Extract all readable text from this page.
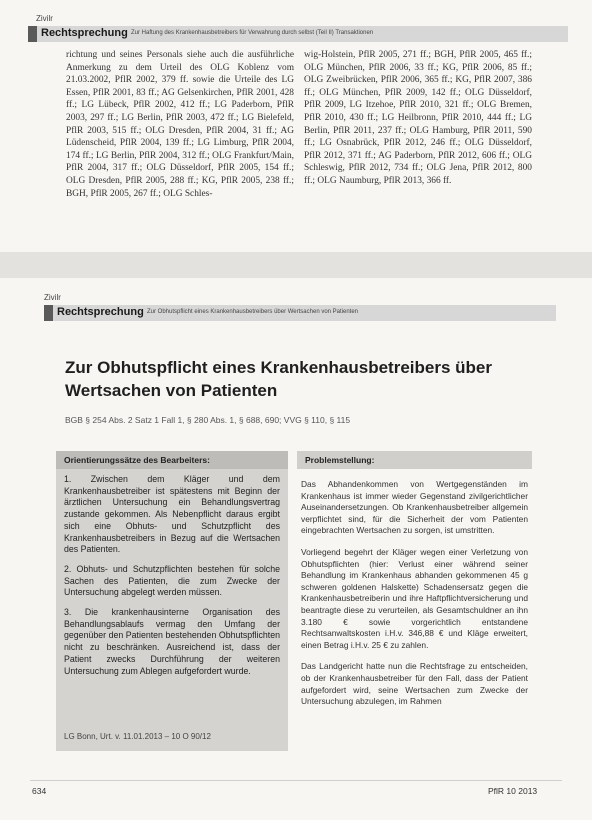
Zivilr
Rechtsprechung Zur Haftung des Krankenhausbetreibers für Verwahrung durch selbst (Teil II) Transaktionen

richtung und seines Personals siehe auch die ausführliche Anmerkung zu dem Urteil des OLG Koblenz vom 21.03.2002, PflR 2002, 379 ff. sowie die Urteile des LG Essen, PflR 2001, 83 ff.; AG Gelsenkirchen, PflR 2001, 428 ff.; LG Lübeck, PflR 2002, 412 ff.; LG Paderborn, PflR 2003, 297 ff.; LG Berlin, PflR 2003, 472 ff.; LG Bielefeld, PflR 2003, 515 ff.; OLG Dresden, PflR 2004, 31 ff.; AG Lüdenscheid, PflR 2004, 139 ff.; LG Limburg, PflR 2004, 174 ff.; LG Berlin, PflR 2004, 312 ff.; OLG Frankfurt/Main, PflR 2004, 317 ff.; OLG Düsseldorf, PflR 2005, 154 ff.; OLG Dresden, PflR 2005, 288 ff.; KG, PflR 2005, 238 ff.; BGH, PflR 2005, 267 ff.; OLG Schles-

wig-Holstein, PflR 2005, 271 ff.; BGH, PflR 2005, 465 ff.; OLG München, PflR 2006, 33 ff.; KG, PflR 2006, 85 ff.; OLG Zweibrücken, PflR 2006, 365 ff.; KG, PflR 2007, 386 ff.; OLG München, PflR 2009, 142 ff.; OLG Düsseldorf, PflR 2009, LG Itzehoe, PflR 2010, 321 ff.; OLG Bremen, PflR 2010, 430 ff.; LG Heilbronn, PflR 2010, 444 ff.; LG Berlin, PflR 2011, 237 ff.; OLG Hamburg, PflR 2011, 590 ff.; LG Osnabrück, PflR 2012, 246 ff.; OLG Düsseldorf, PflR 2012, 371 ff.; AG Paderborn, PflR 2012, 606 ff.; OLG Schleswig, PflR 2012, 734 ff.; OLG Jena, PflR 2012, 800 ff.; OLG Naumburg, PflR 2013, 366 ff.

Zivilr
Rechtsprechung Zur Obhutspflicht eines Krankenhausbetreibers über Wertsachen von Patienten
Zur Obhutspflicht eines Krankenhausbetreibers über Wertsachen von Patienten
BGB § 254 Abs. 2 Satz 1 Fall 1, § 280 Abs. 1, § 688, 690; VVG § 110, § 115
Orientierungssätze des Bearbeiters:

1. Zwischen dem Kläger und dem Krankenhausbetreiber ist spätestens mit Beginn der ärztlichen Untersuchung ein Behandlungsvertrag zustande gekommen. Als Nebenpflicht daraus ergibt sich eine Obhuts- und Schutzpflicht des Krankenhausbetreibers in Bezug auf die Wertsachen des Patienten.

2. Obhuts- und Schutzpflichten bestehen für solche Sachen des Patienten, die zum Zwecke der Untersuchung abgelegt werden müssen.

3. Die krankenhausinterne Organisation des Behandlungsablaufs vermag den Umfang der gegenüber den Patienten bestehenden Obhutspflichten nicht zu beschränken. Ausreichend ist, dass der Patient zwecks Durchführung der weiteren Untersuchung zum Ablegen aufgefordert wurde.

LG Bonn, Urt. v. 11.01.2013 – 10 O 90/12
Problemstellung:

Das Abhandenkommen von Wertgegenständen im Krankenhaus ist immer wieder Gegenstand zivilgerichtlicher Auseinandersetzungen. Ob Krankenhausbetreiber allgemein verpflichtet sind, für die Sicherheit der vom Patienten eingebrachten Wertsachen zu sorgen, ist umstritten.

Vorliegend begehrt der Kläger wegen einer Verletzung von Obhutspflichten (hier: Verlust einer während seiner Behandlung im Krankenhaus abhanden gekommenen 45 g schweren goldenen Halskette) Schadensersatz gegen die Krankenhausbetreiberin und ihre Haftpflichtversicherung und beantragte diese zu verurteilen, als Gesamtschuldner an ihn 3.180 € sowie vorgerichtlich entstandene Rechtsanwaltskosten i.H.v. 346,88 € und Kläge erweitert, einen Betrag i.H.v. 25 € zu zahlen.

Das Landgericht hatte nun die Rechtsfrage zu entscheiden, ob der Krankenhausbetreiber für den Fall, dass der Patient aufgefordert wird, seine Wertsachen zum Zwecke der Untersuchung abzulegen, im Rahmen

634	PflR 10 2013
